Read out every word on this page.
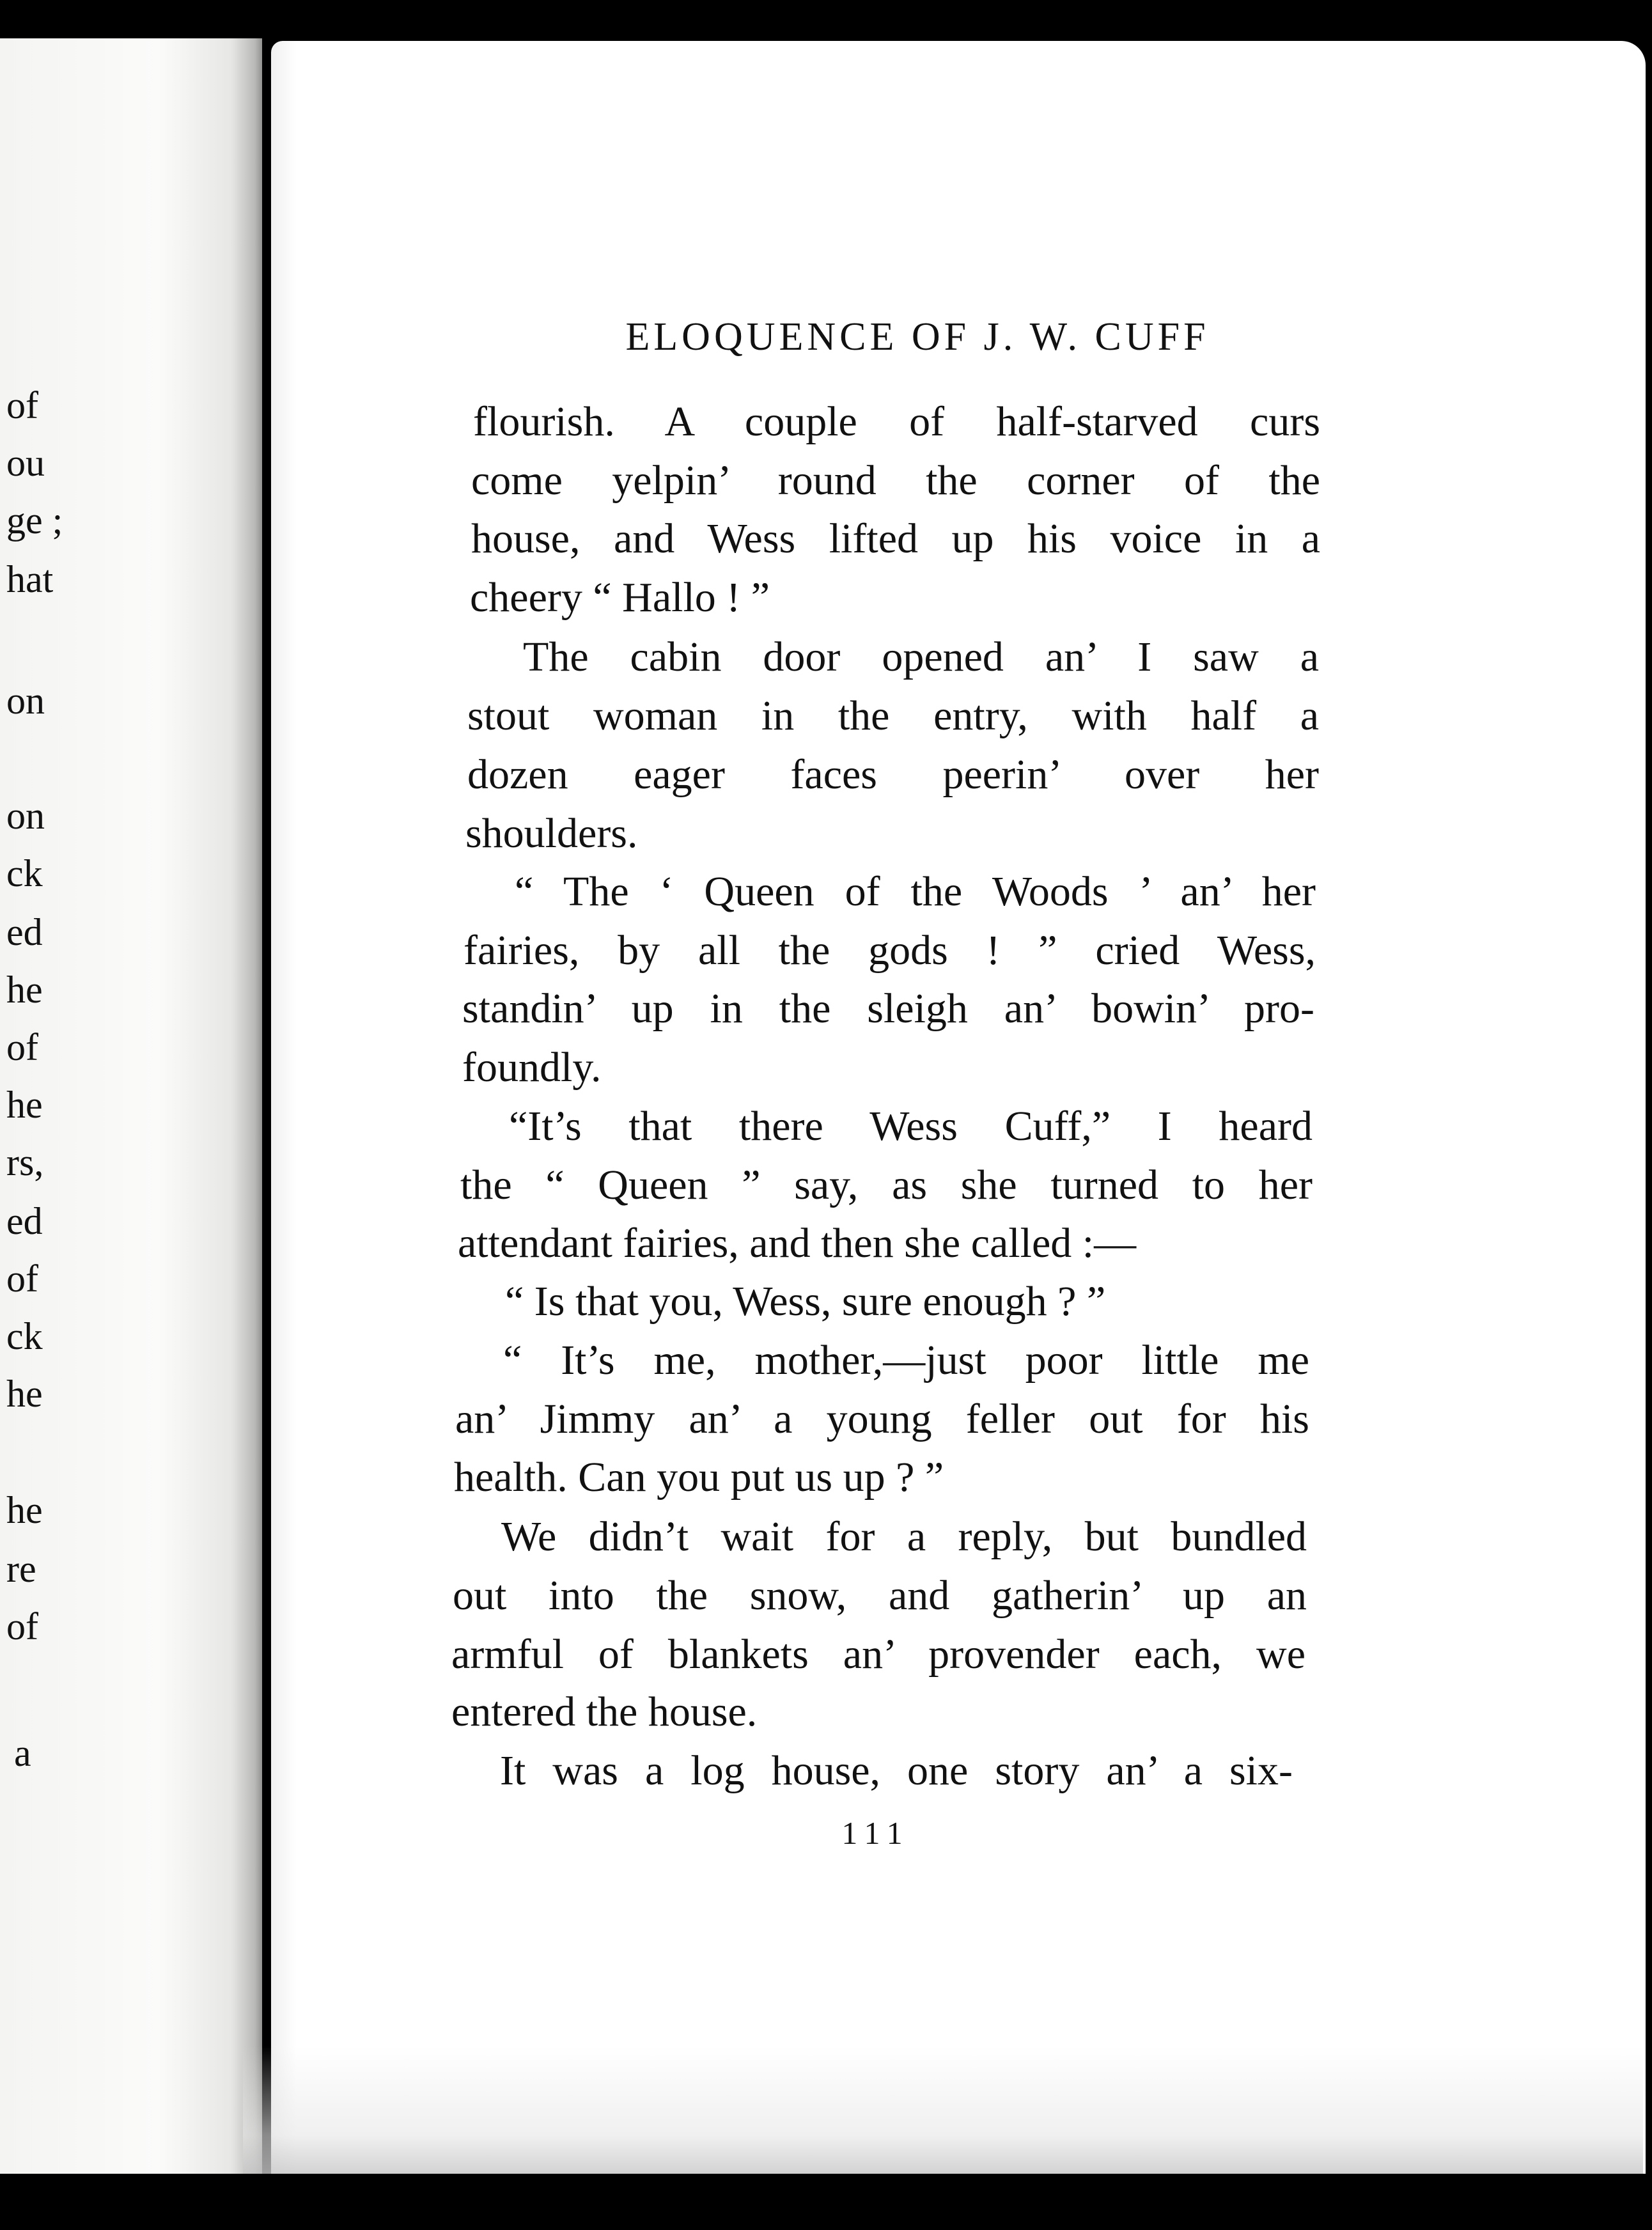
of
ou
ge ;
hat
on
on
ck
ed
he
of
he
rs,
ed
of
ck
he
he
re
of
a
ELOQUENCE OF J. W. CUFF
flourish. A couple of half-starved curs
come yelpin’ round the corner of the
house, and Wess lifted up his voice in a
cheery “ Hallo ! ”
The cabin door opened an’ I saw a
stout woman in the entry, with half a
dozen eager faces peerin’ over her
shoulders.
“ The ‘ Queen of the Woods ’ an’ her
fairies, by all the gods ! ” cried Wess,
standin’ up in the sleigh an’ bowin’ pro-
foundly.
“It’s that there Wess Cuff,” I heard
the “ Queen ” say, as she turned to her
attendant fairies, and then she called :—
“ Is that you, Wess, sure enough ? ”
“ It’s me, mother,—just poor little me
an’ Jimmy an’ a young feller out for his
health. Can you put us up ? ”
We didn’t wait for a reply, but bundled
out into the snow, and gatherin’ up an
armful of blankets an’ provender each, we
entered the house.
It was a log house, one story an’ a six-
111
